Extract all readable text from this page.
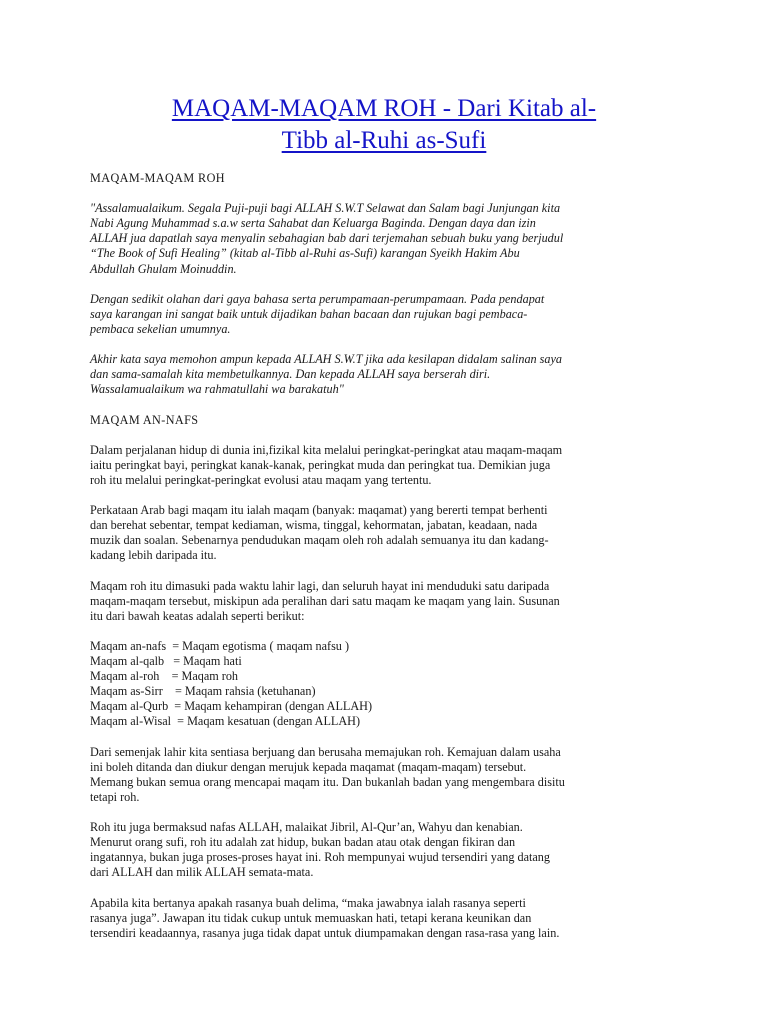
MAQAM-MAQAM ROH - Dari Kitab al-
Tibb al-Ruhi as-Sufi

MAQAM-MAQAM ROH

"Assalamualaikum. Segala Puji-puji bagi ALLAH S.W.T Selawat dan Salam bagi Junjungan kita
Nabi Agung Muhammad s.a.w serta Sahabat dan Keluarga Baginda. Dengan daya dan izin
ALLAH jua dapatlah saya menyalin sebahagian bab dari terjemahan sebuah buku yang berjudul
“The Book of Sufi Healing” (kitab al-Tibb al-Ruhi as-Sufi) karangan Syeikh Hakim Abu
Abdullah Ghulam Moinuddin.

Dengan sedikit olahan dari gaya bahasa serta perumpamaan-perumpamaan. Pada pendapat
saya karangan ini sangat baik untuk dijadikan bahan bacaan dan rujukan bagi pembaca-
pembaca sekelian umumnya.

Akhir kata saya memohon ampun kepada ALLAH S.W.T jika ada kesilapan didalam salinan saya
dan sama-samalah kita membetulkannya. Dan kepada ALLAH saya berserah diri.
Wassalamualaikum wa rahmatullahi wa barakatuh"

MAQAM AN-NAFS

Dalam perjalanan hidup di dunia ini,fizikal kita melalui peringkat-peringkat atau maqam-maqam
iaitu peringkat bayi, peringkat kanak-kanak, peringkat muda dan peringkat tua. Demikian juga
roh itu melalui peringkat-peringkat evolusi atau maqam yang tertentu.

Perkataan Arab bagi maqam itu ialah maqam (banyak: maqamat) yang bererti tempat berhenti
dan berehat sebentar, tempat kediaman, wisma, tinggal, kehormatan, jabatan, keadaan, nada
muzik dan soalan. Sebenarnya pendudukan maqam oleh roh adalah semuanya itu dan kadang-
kadang lebih daripada itu.

Maqam roh itu dimasuki pada waktu lahir lagi, dan seluruh hayat ini menduduki satu daripada
maqam-maqam tersebut, miskipun ada peralihan dari satu maqam ke maqam yang lain. Susunan
itu dari bawah keatas adalah seperti berikut:

Maqam an-nafs  = Maqam egotisma ( maqam nafsu )
Maqam al-qalb   = Maqam hati
Maqam al-roh    = Maqam roh
Maqam as-Sirr    = Maqam rahsia (ketuhanan)
Maqam al-Qurb  = Maqam kehampiran (dengan ALLAH)
Maqam al-Wisal  = Maqam kesatuan (dengan ALLAH)

Dari semenjak lahir kita sentiasa berjuang dan berusaha memajukan roh. Kemajuan dalam usaha
ini boleh ditanda dan diukur dengan merujuk kepada maqamat (maqam-maqam) tersebut.
Memang bukan semua orang mencapai maqam itu. Dan bukanlah badan yang mengembara disitu
tetapi roh.

Roh itu juga bermaksud nafas ALLAH, malaikat Jibril, Al-Qur’an, Wahyu dan kenabian.
Menurut orang sufi, roh itu adalah zat hidup, bukan badan atau otak dengan fikiran dan
ingatannya, bukan juga proses-proses hayat ini. Roh mempunyai wujud tersendiri yang datang
dari ALLAH dan milik ALLAH semata-mata.

Apabila kita bertanya apakah rasanya buah delima, “maka jawabnya ialah rasanya seperti
rasanya juga”. Jawapan itu tidak cukup untuk memuaskan hati, tetapi kerana keunikan dan
tersendiri keadaannya, rasanya juga tidak dapat untuk diumpamakan dengan rasa-rasa yang lain.
